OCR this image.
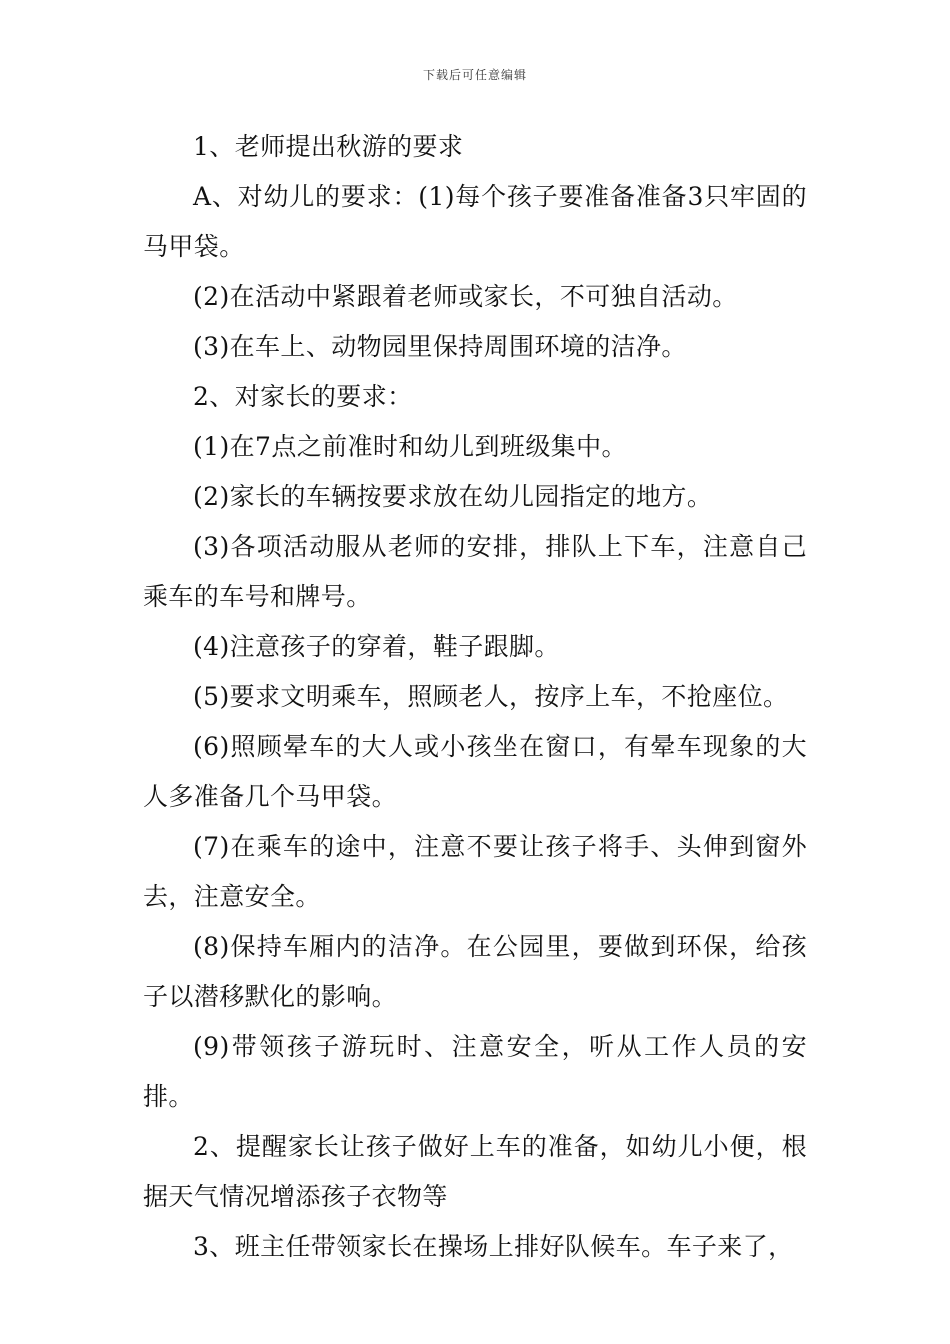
下载后可任意编辑

1、老师提出秋游的要求

A、对幼儿的要求：(1)每个孩子要准备准备3只牢固的马甲袋。

(2)在活动中紧跟着老师或家长，不可独自活动。

(3)在车上、动物园里保持周围环境的洁净。

2、对家长的要求：

(1)在7点之前准时和幼儿到班级集中。

(2)家长的车辆按要求放在幼儿园指定的地方。

(3)各项活动服从老师的安排，排队上下车，注意自己乘车的车号和牌号。

(4)注意孩子的穿着，鞋子跟脚。

(5)要求文明乘车，照顾老人，按序上车，不抢座位。

(6)照顾晕车的大人或小孩坐在窗口，有晕车现象的大人多准备几个马甲袋。

(7)在乘车的途中，注意不要让孩子将手、头伸到窗外去，注意安全。

(8)保持车厢内的洁净。在公园里，要做到环保，给孩子以潜移默化的影响。

(9)带领孩子游玩时、注意安全，听从工作人员的安排。

2、提醒家长让孩子做好上车的准备，如幼儿小便，根据天气情况增添孩子衣物等

3、班主任带领家长在操场上排好队候车。车子来了，
